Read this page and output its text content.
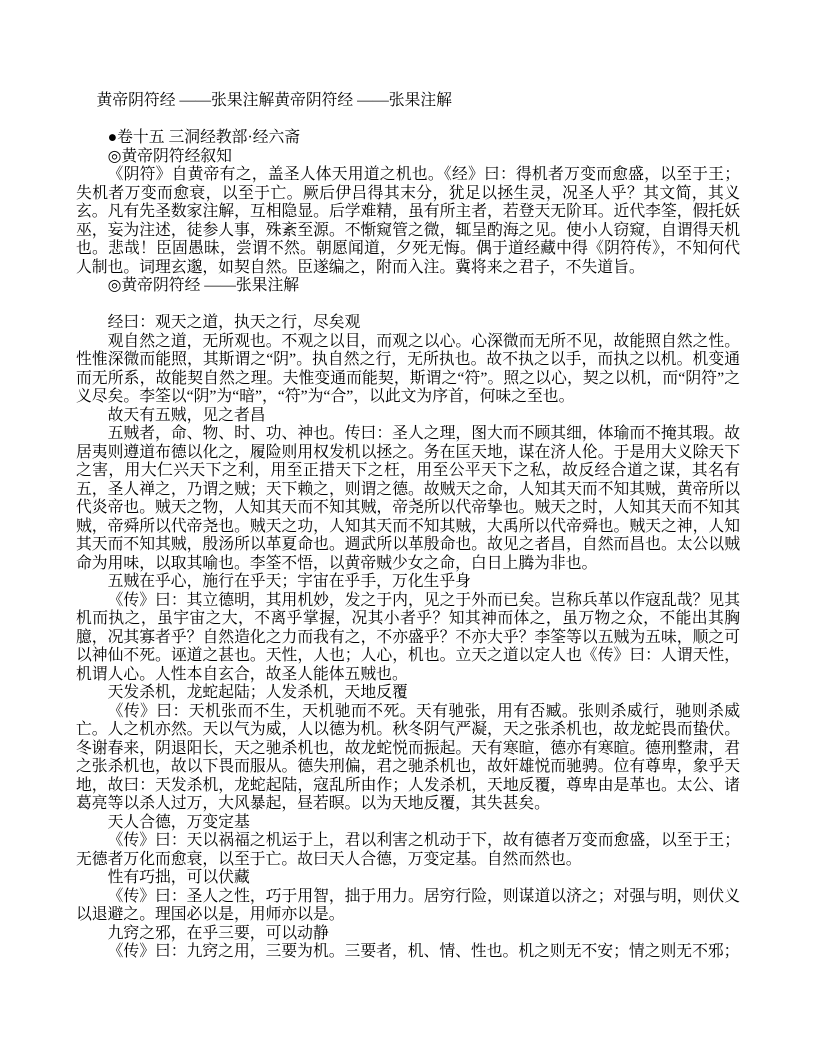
黄帝阴符经 ——张果注解黄帝阴符经 ——张果注解

●卷十五 三洞经教部·经六斋

◎黄帝阴符经叙知

《阴符》自黄帝有之，盖圣人体天用道之机也。《经》曰：得机者万变而愈盛，以至于王；失机者万变而愈衰，以至于亡。厥后伊吕得其末分，犹足以拯生灵，况圣人乎？其文简，其义玄。凡有先圣数家注解，互相隐显。后学难精，虽有所主者，若登天无阶耳。近代李筌，假托妖巫，妄为注述，徒参人事，殊紊至源。不惭窥管之微，辄呈酌海之见。使小人窃窥，自谓得天机也。悲哉！臣固愚昧，尝谓不然。朝愿闻道，夕死无悔。偶于道经藏中得《阴符传》，不知何代人制也。词理玄邈，如契自然。臣遂编之，附而入注。冀将来之君子，不失道旨。

◎黄帝阴符经 ——张果注解

经曰：观天之道，执天之行，尽矣观

观自然之道，无所观也。不观之以目，而观之以心。心深微而无所不见，故能照自然之性。性惟深微而能照，其斯谓之“阴”。执自然之行，无所执也。故不执之以手，而执之以机。机变通而无所系，故能契自然之理。夫惟变通而能契，斯谓之“符”。照之以心，契之以机，而“阴符”之义尽矣。李筌以“阴”为“暗”，“符”为“合”，以此文为序首，何味之至也。

故天有五贼，见之者昌

五贼者，命、物、时、功、神也。传曰：圣人之理，图大而不顾其细，体瑜而不掩其瑕。故居夷则遵道布德以化之，履险则用权发机以拯之。务在匡天地，谋在济人伦。于是用大义除天下之害，用大仁兴天下之利，用至正措天下之枉，用至公平天下之私，故反经合道之谋，其名有五，圣人禅之，乃谓之贼；天下赖之，则谓之德。故贼天之命，人知其天而不知其贼，黄帝所以代炎帝也。贼天之物，人知其天而不知其贼，帝尧所以代帝挚也。贼天之时，人知其天而不知其贼，帝舜所以代帝尧也。贼天之功，人知其天而不知其贼，大禹所以代帝舜也。贼天之神，人知其天而不知其贼，殷汤所以革夏命也。週武所以革殷命也。故见之者昌，自然而昌也。太公以贼命为用味，以取其喻也。李筌不悟，以黄帝贼少女之命，白日上腾为非也。

五贼在乎心，施行在乎天；宇宙在乎手，万化生乎身

《传》曰：其立德明，其用机妙，发之于内，见之于外而已矣。岂称兵革以作寇乱哉？见其机而执之，虽宇宙之大，不离乎掌握，况其小者乎？知其神而体之，虽万物之众，不能出其胸臆，况其寡者乎？自然造化之力而我有之，不亦盛乎？不亦大乎？李筌等以五贼为五味，顺之可以神仙不死。诬道之甚也。天性，人也；人心，机也。立天之道以定人也《传》曰：人谓天性，机谓人心。人性本自玄合，故圣人能体五贼也。

天发杀机，龙蛇起陆；人发杀机，天地反覆

《传》曰：天机张而不生，天机驰而不死。天有驰张，用有否臧。张则杀威行，驰则杀威亡。人之机亦然。天以气为威，人以德为机。秋冬阴气严凝，天之张杀机也，故龙蛇畏而蛰伏。冬谢春来，阴退阳长，天之驰杀机也，故龙蛇悦而振起。天有寒暄，德亦有寒暄。德刑整肃，君之张杀机也，故以下畏而服从。德失刑偏，君之驰杀机也，故奸雄悦而驰骋。位有尊卑，象乎天地，故曰：天发杀机，龙蛇起陆，寇乱所由作；人发杀机，天地反覆，尊卑由是革也。太公、诸葛亮等以杀人过万，大风暴起，昼若暝。以为天地反覆，其失甚矣。

天人合德，万变定基

《传》曰：天以祸福之机运于上，君以利害之机动于下，故有德者万变而愈盛，以至于王；无德者万化而愈衰，以至于亡。故曰天人合德，万变定基。自然而然也。

性有巧拙，可以伏藏

《传》曰：圣人之性，巧于用智，拙于用力。居穷行险，则谋道以济之；对强与明，则伏义以退避之。理国必以是，用师亦以是。

九窍之邪，在乎三要，可以动静

《传》曰：九窍之用，三要为机。三要者，机、情、性也。机之则无不安；情之则无不邪；
